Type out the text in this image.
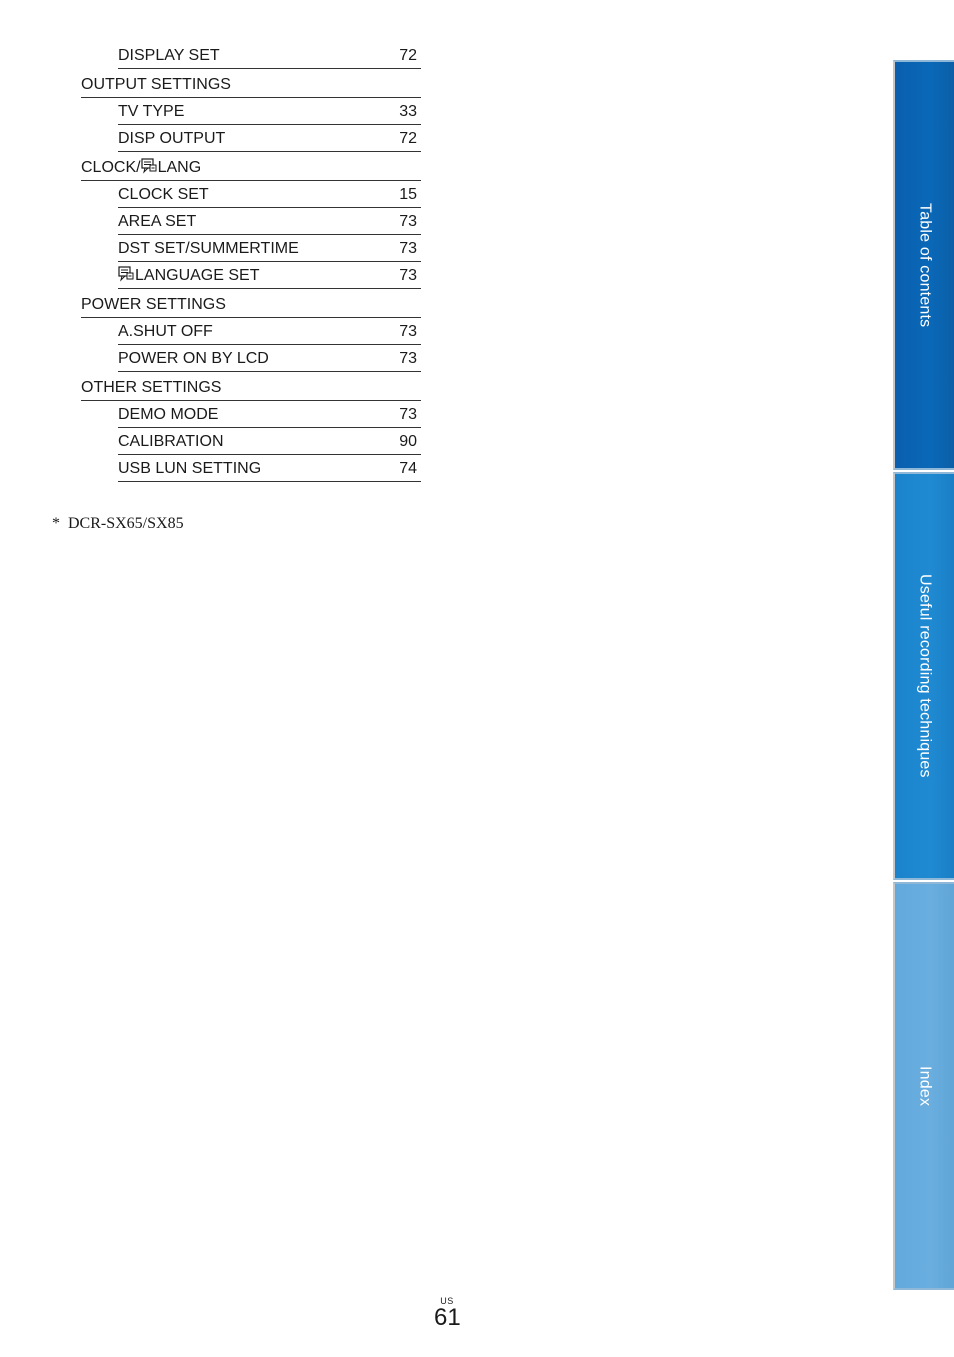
DISPLAY SET	72
OUTPUT SETTINGS
TV TYPE	33
DISP OUTPUT	72
CLOCK/ LANG
CLOCK SET	15
AREA SET	73
DST SET/SUMMERTIME	73
LANGUAGE SET	73
POWER SETTINGS
A.SHUT OFF	73
POWER ON BY LCD	73
OTHER SETTINGS
DEMO MODE	73
CALIBRATION	90
USB LUN SETTING	74
* DCR-SX65/SX85
Table of contents
Useful recording techniques
Index
US
61
